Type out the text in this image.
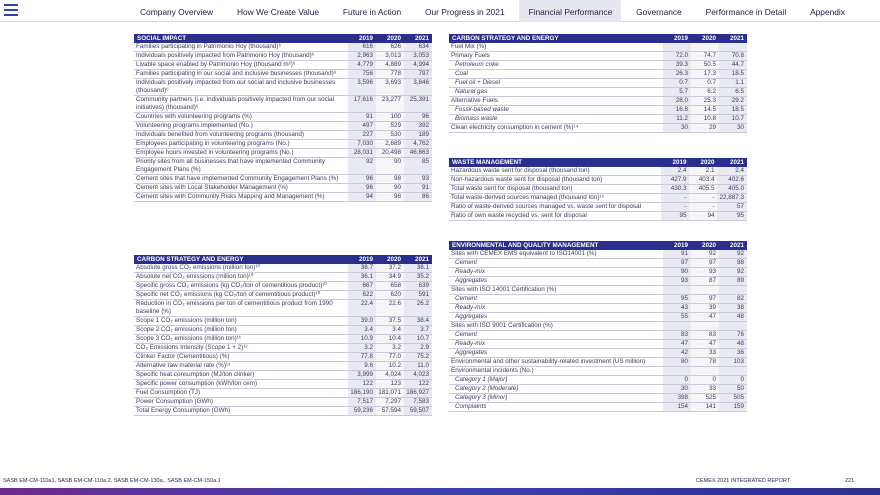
Company Overview	How We Create Value	Future in Action	Our Progress in 2021	Financial Performance	Governance	Performance in Detail	Appendix
SOCIAL IMPACT	2019	2020	2021
Families participating in Patrimonio Hoy (thousand)⁶	616	626	634
Individuals positively impacted from Patrimonio Hoy (thousand)⁶	2,963	3,013	3,053
Livable space enabled by Patrimonio Hoy (thousand m²)⁶	4,779	4,889	4,994
Families participating in our social and inclusive businesses (thousand)⁶	756	778	797
Individuals positively impacted from our social and inclusive businesses (thousand)⁶	3,596	3,693	3,846
Community partners (i.e. individuals positively impacted from our social initiatives) (thousand)⁶	17,616	23,277	25,391
Countries with volunteering programs (%)	91	100	96
Volunteering programs implemented (No.)	497	529	392
Individuals benefited from volunteering programs (thousand)	227	530	189
Employees participating in volunteering programs (No.)	7,030	2,689	4,762
Employee hours invested in volunteering programs (No.)	28,031	20,498	46,863
Priority sites from all businesses that have implemented Community Engagement Plans (%)	92	90	85
Cement sites that have implemented Community Engagement Plans (%)	96	98	93
Cement sites with Local Stakeholder Management (%)	96	90	91
Cement sites with Community Risks Mapping and Management (%)	94	98	86
CARBON STRATEGY AND ENERGY	2019	2020	2021
Absolute gross CO₂ emissions (million ton)¹⁰	38.7	37.2	38.1
Absolute net CO₂ emissions (million ton)¹⁰	36.1	34.9	35.2
Specific gross CO₂ emissions (kg CO₂/ton of cementitious product)¹⁰	667	658	639
Specific net CO₂ emissions (kg CO₂/ton of cementitious product)¹⁰	622	620	591
Reduction in CO₂ emissions per ton of cementitious product from 1990 baseline (%)	22.4	22.6	26.2
Scope 1 CO₂ emissions (million ton)	39.0	37.5	38.4
Scope 2 CO₂ emissions (million ton)	3.4	3.4	3.7
Scope 3 CO₂ emissions (million ton)¹¹	10.9	10.4	10.7
CO₂ Emissions Intensity (Scope 1 + 2)¹²	3.2	3.2	2.9
Clinker Factor (Cementitious) (%)	77.8	77.0	75.2
Alternative raw material rate (%)¹³	9.6	10.2	11.0
Specific heat consumption (MJ/ton clinker)	3,999	4,024	4,023
Specific power consumption (kWh/ton cem)	122	123	122
Fuel Consumption (TJ)	186,190	181,071	186,927
Power Consumption (GWh)	7,517	7,297	7,583
Total Energy Consumption (GWh)	59,236	57,594	59,507
CARBON STRATEGY AND ENERGY	2019	2020	2021
Fuel Mix (%)			
Primary Fuels	72.0	74.7	70.8
Petroleum coke	39.3	50.5	44.7
Coal	26.3	17.3	18.5
Fuel oil + Diesel	0.7	0.7	1.1
Natural gas	5.7	6.2	6.5
Alternative Fuels	28.0	25.3	29.2
Fossil-based waste	16.8	14.5	18.5
Biomass waste	11.2	10.8	10.7
Clean electricity consumption in cement (%)¹⁴	30	29	30
WASTE MANAGEMENT	2019	2020	2021
Hazardous waste sent for disposal (thousand ton)	2.4	2.1	2.4
Non-hazardous waste sent for disposal (thousand ton)	427.9	403.4	402.6
Total waste sent for disposal (thousand ton)	430.3	405.5	405.0
Total waste-derived sources managed (thousand ton)¹⁵	-	-	22,887.3
Ratio of waste-derived sources managed vs. waste sent for disposal	-	-	57
Ratio of own waste recycled vs. sent for disposal	95	94	95
ENVIRONMENTAL AND QUALITY MANAGEMENT	2019	2020	2021
Sites with CEMEX EMS equivalent to ISO14001 (%)	91	92	92
Cement	97	97	98
Ready-mix	90	93	92
Aggregates	93	87	89
Sites with ISO 14001 Certification (%)			
Cement	95	97	82
Ready-mix	43	39	38
Aggregates	55	47	48
Sites with ISO 9001 Certification (%)			
Cement	83	83	76
Ready-mix	47	47	48
Aggregates	42	33	36
Environmental and other sustainability-related investment (US million)	80	78	103
Environmental incidents (No.)			
Category 1 (Major)	0	0	0
Category 2 (Moderate)	30	33	50
Category 3 (Minor)	398	525	505
Complaints	154	141	159
SASB EM-CM-110a1, SASB EM-CM-110a.2, SASB EM-CM-130a., SASB EM-CM-150a.1	CEMEX 2021 INTEGRATED REPORT	221
